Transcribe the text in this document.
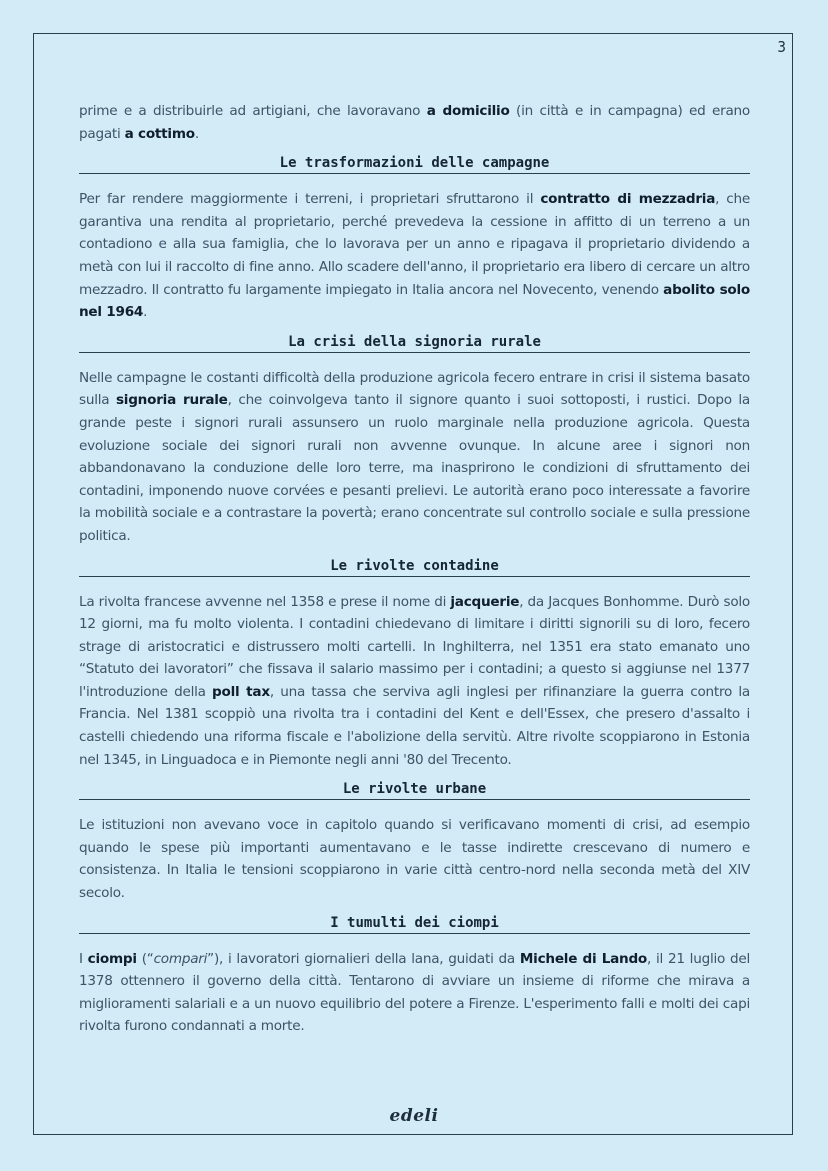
3

prime e a distribuirle ad artigiani, che lavoravano a domicilio (in città e in campagna) ed erano pagati a cottimo.

Le trasformazioni delle campagne

Per far rendere maggiormente i terreni, i proprietari sfruttarono il contratto di mezzadria, che garantiva una rendita al proprietario, perché prevedeva la cessione in affitto di un terreno a un contadiono e alla sua famiglia, che lo lavorava per un anno e ripagava il proprietario dividendo a metà con lui il raccolto di fine anno. Allo scadere dell'anno, il proprietario era libero di cercare un altro mezzadro. Il contratto fu largamente impiegato in Italia ancora nel Novecento, venendo abolito solo nel 1964.

La crisi della signoria rurale

Nelle campagne le costanti difficoltà della produzione agricola fecero entrare in crisi il sistema basato sulla signoria rurale, che coinvolgeva tanto il signore quanto i suoi sottoposti, i rustici. Dopo la grande peste i signori rurali assunsero un ruolo marginale nella produzione agricola. Questa evoluzione sociale dei signori rurali non avvenne ovunque. In alcune aree i signori non abbandonavano la conduzione delle loro terre, ma inasprirono le condizioni di sfruttamento dei contadini, imponendo nuove corvées e pesanti prelievi. Le autorità erano poco interessate a favorire la mobilità sociale e a contrastare la povertà; erano concentrate sul controllo sociale e sulla pressione politica.

Le rivolte contadine

La rivolta francese avvenne nel 1358 e prese il nome di jacquerie, da Jacques Bonhomme. Durò solo 12 giorni, ma fu molto violenta. I contadini chiedevano di limitare i diritti signorili su di loro, fecero strage di aristocratici e distrussero molti cartelli. In Inghilterra, nel 1351 era stato emanato uno “Statuto dei lavoratori” che fissava il salario massimo per i contadini; a questo si aggiunse nel 1377 l'introduzione della poll tax, una tassa che serviva agli inglesi per rifinanziare la guerra contro la Francia. Nel 1381 scoppiò una rivolta tra i contadini del Kent e dell'Essex, che presero d'assalto i castelli chiedendo una riforma fiscale e l'abolizione della servitù. Altre rivolte scoppiarono in Estonia nel 1345, in Linguadoca e in Piemonte negli anni '80 del Trecento.

Le rivolte urbane

Le istituzioni non avevano voce in capitolo quando si verificavano momenti di crisi, ad esempio quando le spese più importanti aumentavano e le tasse indirette crescevano di numero e consistenza. In Italia le tensioni scoppiarono in varie città centro-nord nella seconda metà del XIV secolo.

I tumulti dei ciompi

I ciompi (“compari”), i lavoratori giornalieri della lana, guidati da Michele di Lando, il 21 luglio del 1378 ottennero il governo della città. Tentarono di avviare un insieme di riforme che mirava a miglioramenti salariali e a un nuovo equilibrio del potere a Firenze. L'esperimento falli e molti dei capi rivolta furono condannati a morte.

edeli
